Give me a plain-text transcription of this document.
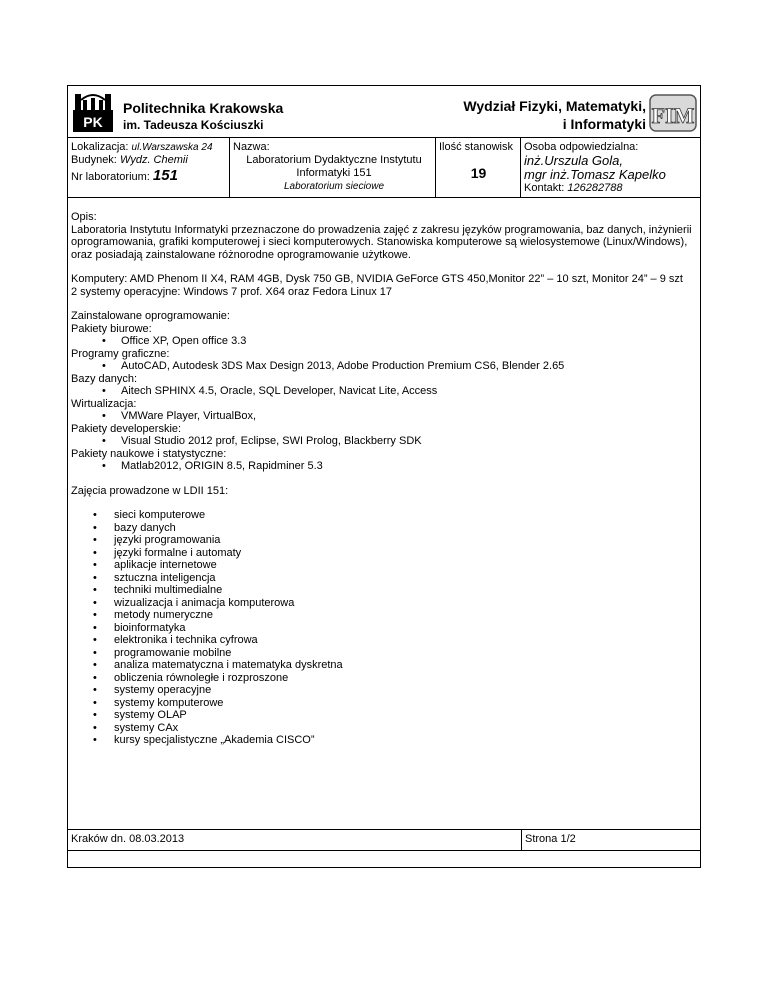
PK
Politechnika Krakowska
im. Tadeusza Kościuszki
Wydział Fizyki, Matematyki,
i Informatyki FIM
Lokalizacja: ul.Warszawska 24
Budynek: Wydz. Chemii
Nr laboratorium: 151
Nazwa:
Laboratorium Dydaktyczne Instytutu
Informatyki 151
Laboratorium sieciowe
Ilość stanowisk
19
Osoba odpowiedzialna:
inż.Urszula Gola,
mgr inż.Tomasz Kapelko
Kontakt: 126282788
Opis:
Laboratoria Instytutu Informatyki przeznaczone do prowadzenia zajęć z zakresu języków programowania, baz danych, inżynierii oprogramowania, grafiki komputerowej i sieci komputerowych. Stanowiska komputerowe są wielosystemowe (Linux/Windows), oraz posiadają zainstalowane różnorodne oprogramowanie użytkowe.
Komputery: AMD Phenom II X4, RAM 4GB, Dysk 750 GB, NVIDIA GeForce GTS 450,Monitor 22” – 10 szt, Monitor 24” – 9 szt
2 systemy operacyjne: Windows 7 prof. X64 oraz Fedora Linux 17
Zainstalowane oprogramowanie:
Pakiety biurowe:
• Office XP, Open office 3.3
Programy graficzne:
• AutoCAD, Autodesk 3DS Max Design 2013, Adobe Production Premium CS6, Blender 2.65
Bazy danych:
• Aitech SPHINX 4.5, Oracle, SQL Developer, Navicat Lite, Access
Wirtualizacja:
• VMWare Player, VirtualBox,
Pakiety developerskie:
• Visual Studio 2012 prof, Eclipse, SWI Prolog, Blackberry SDK
Pakiety naukowe i statystyczne:
• Matlab2012, ORIGIN 8.5, Rapidminer 5.3
Zajęcia prowadzone w LDII 151:
• sieci komputerowe
• bazy danych
• języki programowania
• języki formalne i automaty
• aplikacje internetowe
• sztuczna inteligencja
• techniki multimedialne
• wizualizacja i animacja komputerowa
• metody numeryczne
• bioinformatyka
• elektronika i technika cyfrowa
• programowanie mobilne
• analiza matematyczna i matematyka dyskretna
• obliczenia równoległe i rozproszone
• systemy operacyjne
• systemy komputerowe
• systemy OLAP
• systemy CAx
• kursy specjalistyczne „Akademia CISCO”
Kraków dn. 08.03.2013	Strona 1/2
